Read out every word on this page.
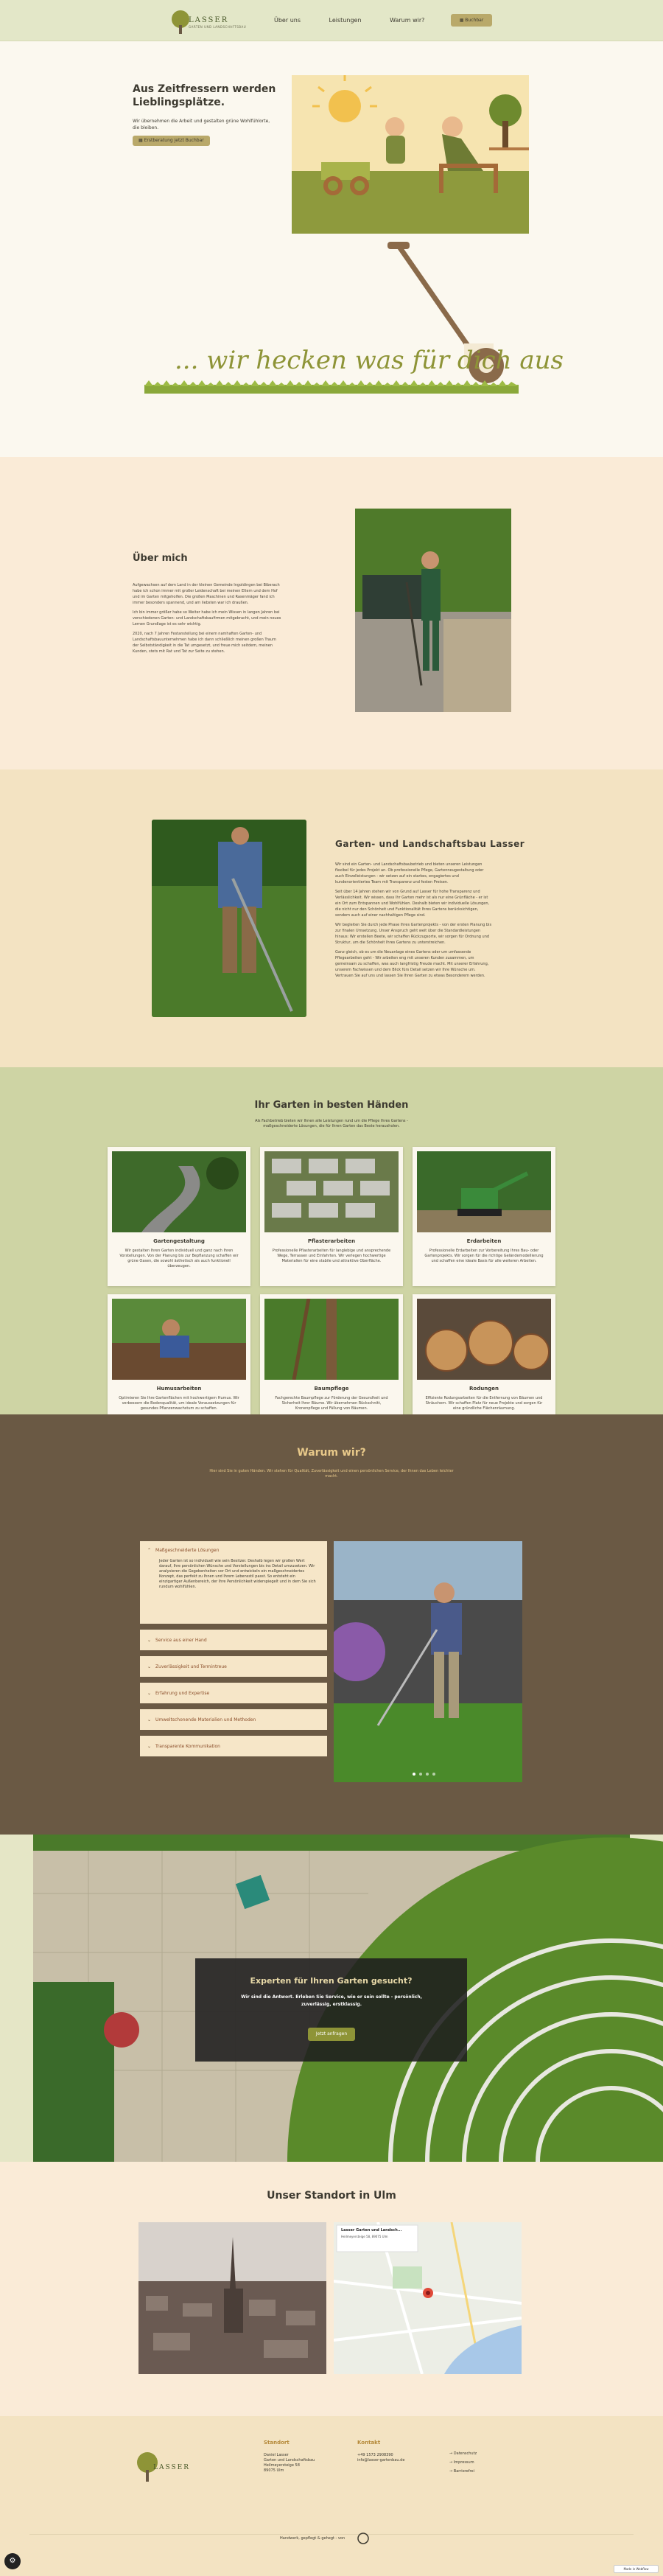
LASSER
GARTEN UND LANDSCHAFTSBAU
Über uns	Leistungen	Warum wir?	▦ Buchbar
Aus Zeitfressern werden Lieblingsplätze.

Wir übernehmen die Arbeit und gestalten grüne Wohlfühlorte, die bleiben.

▦ Erstberatung jetzt Buchbar
... wir hecken was für dich aus
Über mich

Aufgewachsen auf dem Land in der kleinen Gemeinde Ingoldingen bei Biberach habe ich schon immer mit großer Leidenschaft bei meinen Eltern und dem Hof und im Garten mitgeholfen. Die großen Maschinen und Rasenmäger fand ich immer besonders spannend, und am liebsten war ich draußen.

Ich bin immer größer habe so Weiter habe ich mein Wissen in langen Jahren bei verschiedenen Garten- und Landschaftsbaufirmen mitgebracht, und mein neues Lernen Grundlage ist es sehr wichtig.

2020, nach 7 Jahren Festanstellung bei einem namhaften Garten- und Landschaftsbauunternehmen habe ich dann schließlich meinen großen Traum der Selbstständigkeit in die Tat umgesetzt, und freue mich seitdem, meinen Kunden, stets mit Rat und Tat zur Seite zu stehen.

Garten- und Landschaftsbau Lasser

Wir sind ein Garten- und Landschaftsbaubetrieb und bieten unseren Leistungen flexibel für jedes Projekt an. Ob professionelle Pflege, Gartenneugestaltung oder auch Einzelleistungen - wir setzen auf ein starkes, engagiertes und kundenorientiertes Team mit Transparenz und festen Preisen.

Seit über 14 Jahren stehen wir von Grund auf Lasser für hohe Transparenz und Verlässlichkeit. Wir wissen, dass Ihr Garten mehr ist als nur eine Grünfläche - er ist ein Ort zum Entspannen und Wohlfühlen. Deshalb bieten wir individuelle Lösungen, die nicht nur den Schönheit und Funktionalität Ihres Gartens berücksichtigen, sondern auch auf einer nachhaltigen Pflege sind.

Wir begleiten Sie durch jede Phase Ihres Gartenprojekts - von der ersten Planung bis zur finalen Umsetzung. Unser Anspruch geht weit über die Standardleistungen hinaus: Wir erstellen Beete, wir schaffen Rückzugsorte, wir sorgen für Ordnung und Struktur, um die Schönheit Ihres Gartens zu unterstreichen.

Ganz gleich, ob es um die Neuanlage eines Gartens oder um umfassende Pflegearbeiten geht - Wir arbeiten eng mit unseren Kunden zusammen, um gemeinsam zu schaffen, was auch langfristig Freude macht. Mit unserer Erfahrung, unserem Fachwissen und dem Blick fürs Detail setzen wir Ihre Wünsche um. Vertrauen Sie auf uns und lassen Sie Ihren Garten zu etwas Besonderem werden.

Ihr Garten in besten Händen
Als Fachbetrieb bieten wir Ihnen alle Leistungen rund um die Pflege Ihres Gartens - maßgeschneiderte Lösungen, die für Ihren Garten das Beste herausholen.
Gartengestaltung

Wir gestalten Ihren Garten individuell und ganz nach Ihren Vorstellungen. Von der Planung bis zur Bepflanzung schaffen wir grüne Oasen, die sowohl ästhetisch als auch funktionell überzeugen.

Pflasterarbeiten

Professionelle Pflasterarbeiten für langlebige und ansprechende Wege, Terrassen und Einfahrten. Wir verlegen hochwertige Materialien für eine stabile und attraktive Oberfläche.

Erdarbeiten

Professionelle Erdarbeiten zur Vorbereitung Ihres Bau- oder Gartenprojekts. Wir sorgen für die richtige Geländemodellierung und schaffen eine ideale Basis für alle weiteren Arbeiten.

Humusarbeiten

Optimieren Sie Ihre Gartenflächen mit hochwertigem Humus. Wir verbessern die Bodenqualität, um ideale Voraussetzungen für gesundes Pflanzenwachstum zu schaffen.

Baumpflege

Fachgerechte Baumpflege zur Förderung der Gesundheit und Sicherheit Ihrer Bäume. Wir übernehmen Rückschnitt, Kronenpflege und Fällung von Bäumen.

Rodungen

Effiziente Rodungsarbeiten für die Entfernung von Bäumen und Sträuchern. Wir schaffen Platz für neue Projekte und sorgen für eine gründliche Flächenräumung.

Warum wir?
Hier sind Sie in guten Händen. Wir stehen für Qualität, Zuverlässigkeit und einen persönlichen Service, der Ihnen das Leben leichter macht.
⌃ Maßgeschneiderte Lösungen
Jeder Garten ist so individuell wie sein Besitzer. Deshalb legen wir großen Wert darauf, Ihre persönlichen Wünsche und Vorstellungen bis ins Detail umzusetzen. Wir analysieren die Gegebenheiten vor Ort und entwickeln ein maßgeschneidertes Konzept, das perfekt zu Ihnen und Ihrem Lebensstil passt. So entsteht ein einzigartiger Außenbereich, der Ihre Persönlichkeit widerspiegelt und in dem Sie sich rundum wohlfühlen.
⌄ Service aus einer Hand
⌄ Zuverlässigkeit und Termintreue
⌄ Erfahrung und Expertise
⌄ Umweltschonende Materialien und Methoden
⌄ Transparente Kommunikation
Experten für Ihren Garten gesucht?

Wir sind die Antwort. Erleben Sie Service, wie er sein sollte - persönlich, zuverlässig, erstklassig.

Jetzt anfragen
Unser Standort in Ulm
Lasser Garten und Landsch...
Heilmeyersteige 58, 89075 Ulm
LASSER
Standort
Daniel Lasser
Garten und Landschaftsbau
Heilmeyersteige 58
89075 Ulm
Kontakt
+49 1573 2908390
info@lasser-gartenbau.de
→ Datenschutz
→ Impressum
→ Barrierefrei
Handwerk, gepflegt & gehegt - von
⚙
Made in Webflow
